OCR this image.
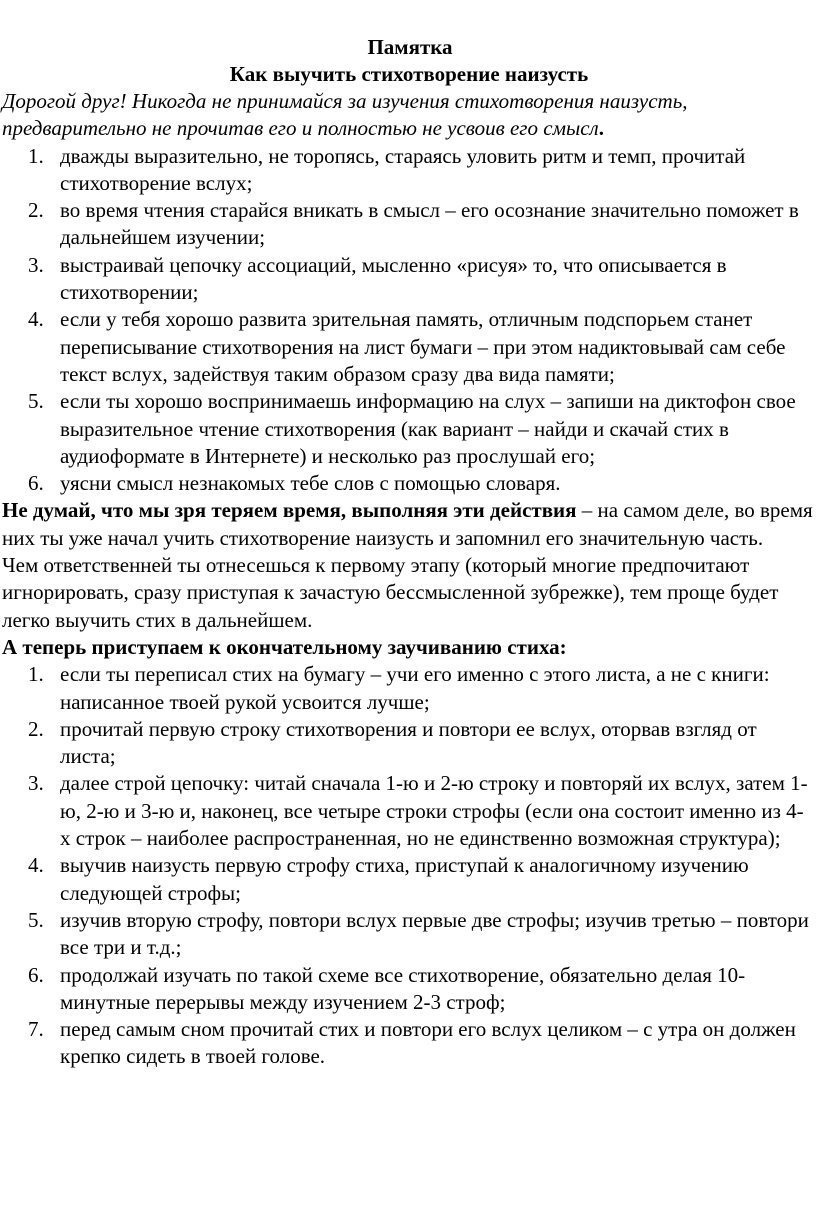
Памятка

Как выучить стихотворение наизусть

Дорогой друг! Никогда не принимайся за изучения стихотворения наизусть, предварительно не прочитав его и полностью не усвоив его смысл.

1. дважды выразительно, не торопясь, стараясь уловить ритм и темп, прочитай стихотворение вслух;
2. во время чтения старайся вникать в смысл – его осознание значительно поможет в дальнейшем изучении;
3. выстраивай цепочку ассоциаций, мысленно «рисуя» то, что описывается в стихотворении;
4. если у тебя хорошо развита зрительная память, отличным подспорьем станет переписывание стихотворения на лист бумаги – при этом надиктовывай сам себе текст вслух, задействуя таким образом сразу два вида памяти;
5. если ты хорошо воспринимаешь информацию на слух – запиши на диктофон свое выразительное чтение стихотворения (как вариант – найди и скачай стих в аудиоформате в Интернете) и несколько раз прослушай его;
6. уясни смысл незнакомых тебе слов с помощью словаря.

Не думай, что мы зря теряем время, выполняя эти действия – на самом деле, во время них ты уже начал учить стихотворение наизусть и запомнил его значительную часть.

Чем ответственней ты отнесешься к первому этапу (который многие предпочитают игнорировать, сразу приступая к зачастую бессмысленной зубрежке), тем проще будет легко выучить стих в дальнейшем.

А теперь приступаем к окончательному заучиванию стиха:

1. если ты переписал стих на бумагу – учи его именно с этого листа, а не с книги: написанное твоей рукой усвоится лучше;
2. прочитай первую строку стихотворения и повтори ее вслух, оторвав взгляд от листа;
3. далее строй цепочку: читай сначала 1-ю и 2-ю строку и повторяй их вслух, затем 1-ю, 2-ю и 3-ю и, наконец, все четыре строки строфы (если она состоит именно из 4-х строк – наиболее распространенная, но не единственно возможная структура);
4. выучив наизусть первую строфу стиха, приступай к аналогичному изучению следующей строфы;
5. изучив вторую строфу, повтори вслух первые две строфы; изучив третью – повтори все три и т.д.;
6. продолжай изучать по такой схеме все стихотворение, обязательно делая 10-минутные перерывы между изучением 2-3 строф;
7. перед самым сном прочитай стих и повтори его вслух целиком – с утра он должен крепко сидеть в твоей голове.
